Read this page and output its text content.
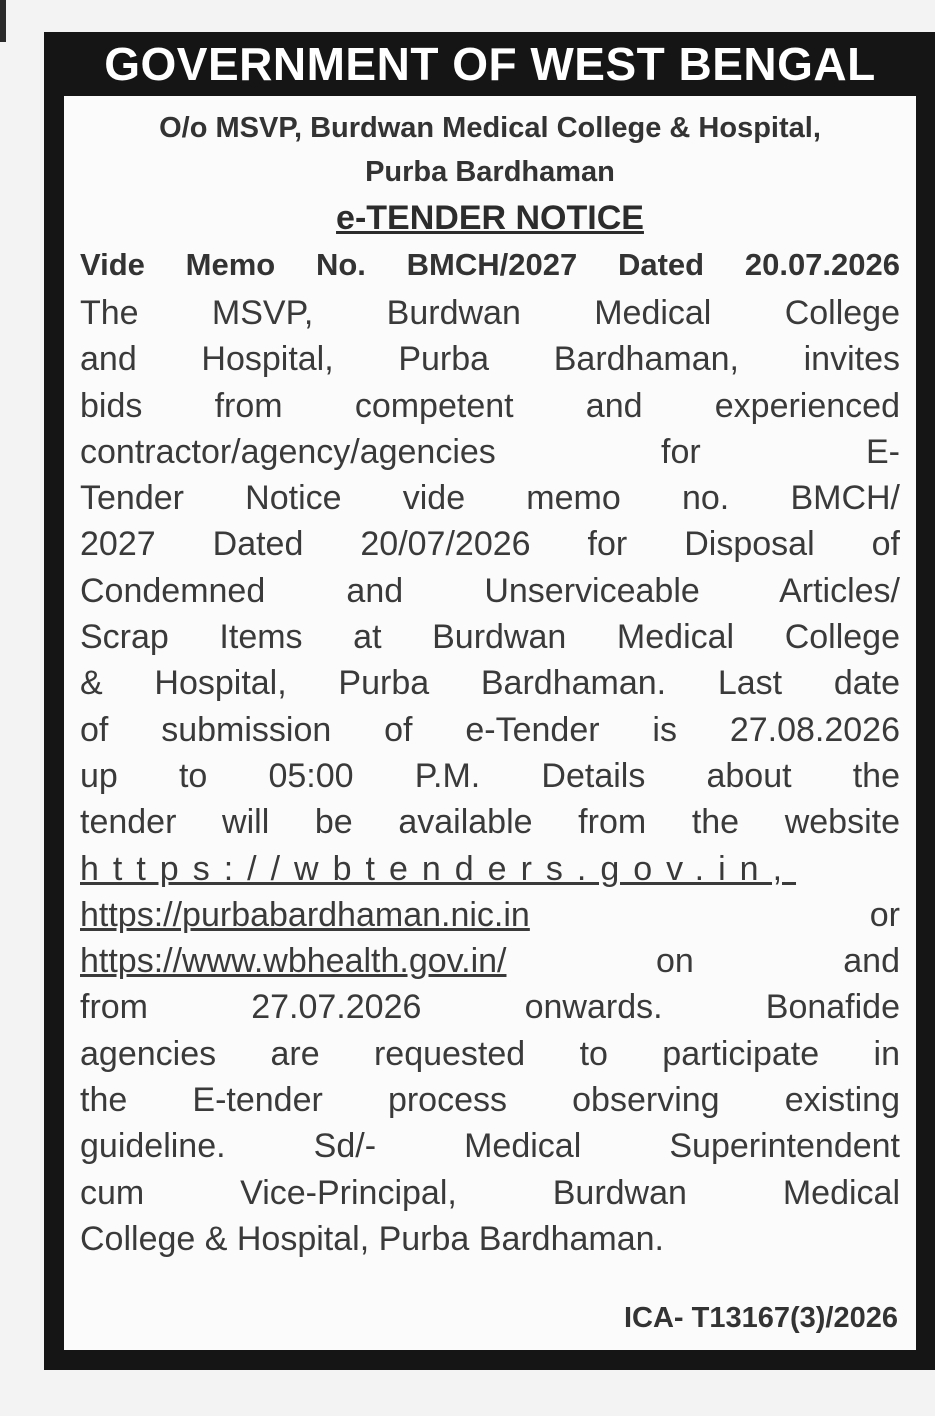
GOVERNMENT OF WEST BENGAL
O/o MSVP, Burdwan Medical College & Hospital,
Purba Bardhaman
e-TENDER NOTICE
Vide Memo No. BMCH/2027 Dated 20.07.2026
The MSVP, Burdwan Medical College
and Hospital, Purba Bardhaman, invites
bids from competent and experienced
contractor/agency/agencies for E-
Tender Notice vide memo no. BMCH/
2027 Dated 20/07/2026 for Disposal of
Condemned and Unserviceable Articles/
Scrap Items at Burdwan Medical College
& Hospital, Purba Bardhaman. Last date
of submission of e-Tender is 27.08.2026
up to 05:00 P.M. Details about the
tender will be available from the website
https://wbtenders.gov.in,
https://purbabardhaman.nic.in	or
https://www.wbhealth.gov.in/	on and
from 27.07.2026 onwards. Bonafide
agencies are requested to participate in
the E-tender process observing existing
guideline. Sd/- Medical Superintendent
cum Vice-Principal, Burdwan Medical
College & Hospital, Purba Bardhaman.
ICA- T13167(3)/2026
